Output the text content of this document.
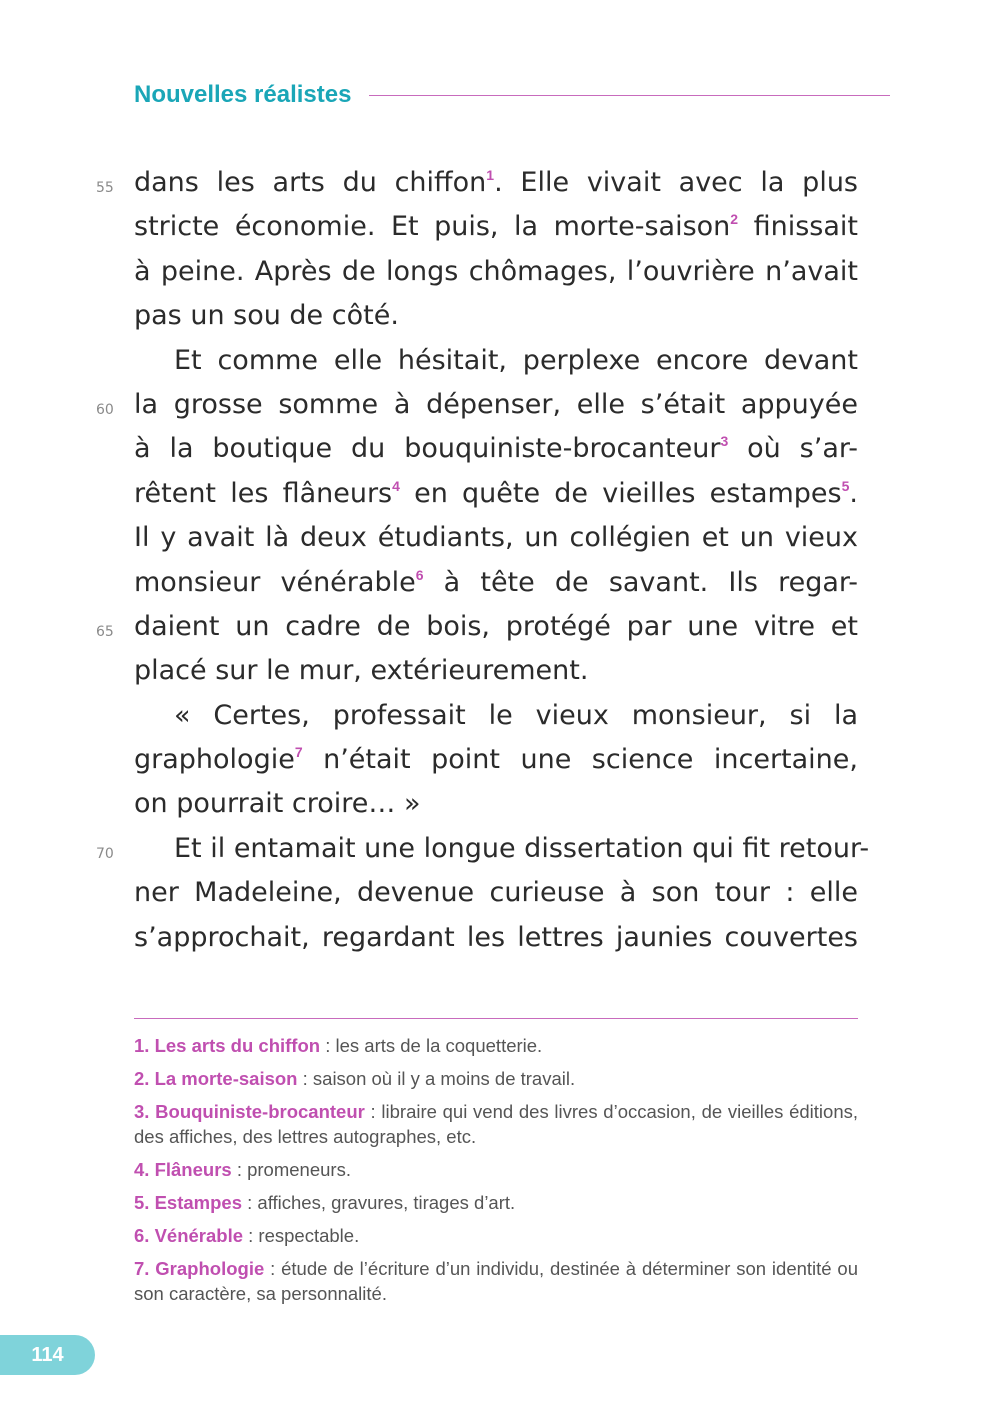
Nouvelles réalistes
55
60
65
70
dans les arts du chiffon$^1$. Elle vivait avec la plus
stricte économie. Et puis, la morte-saison$^2$ finissait
à peine. Après de longs chômages, l’ouvrière n’avait
pas un sou de côté.
Et comme elle hésitait, perplexe encore devant
la grosse somme à dépenser, elle s’était appuyée
à la boutique du bouquiniste-brocanteur$^3$ où s’ar-
rêtent les flâneurs$^4$ en quête de vieilles estampes$^5$.
Il y avait là deux étudiants, un collégien et un vieux
monsieur vénérable$^6$ à tête de savant. Ils regar-
daient un cadre de bois, protégé par une vitre et
placé sur le mur, extérieurement.
« Certes, professait le vieux monsieur, si la
graphologie$^7$ n’était point une science incertaine,
on pourrait croire… »
Et il entamait une longue dissertation qui fit retour-
ner Madeleine, devenue curieuse à son tour : elle
s’approchait, regardant les lettres jaunies couvertes

1. Les arts du chiffon : les arts de la coquetterie.

2. La morte-saison : saison où il y a moins de travail.

3. Bouquiniste-brocanteur : libraire qui vend des livres d’occasion, de vieilles éditions, des affiches, des lettres autographes, etc.

4. Flâneurs : promeneurs.

5. Estampes : affiches, gravures, tirages d’art.

6. Vénérable : respectable.

7. Graphologie : étude de l’écriture d’un individu, destinée à déterminer son identité ou son caractère, sa personnalité.

114
